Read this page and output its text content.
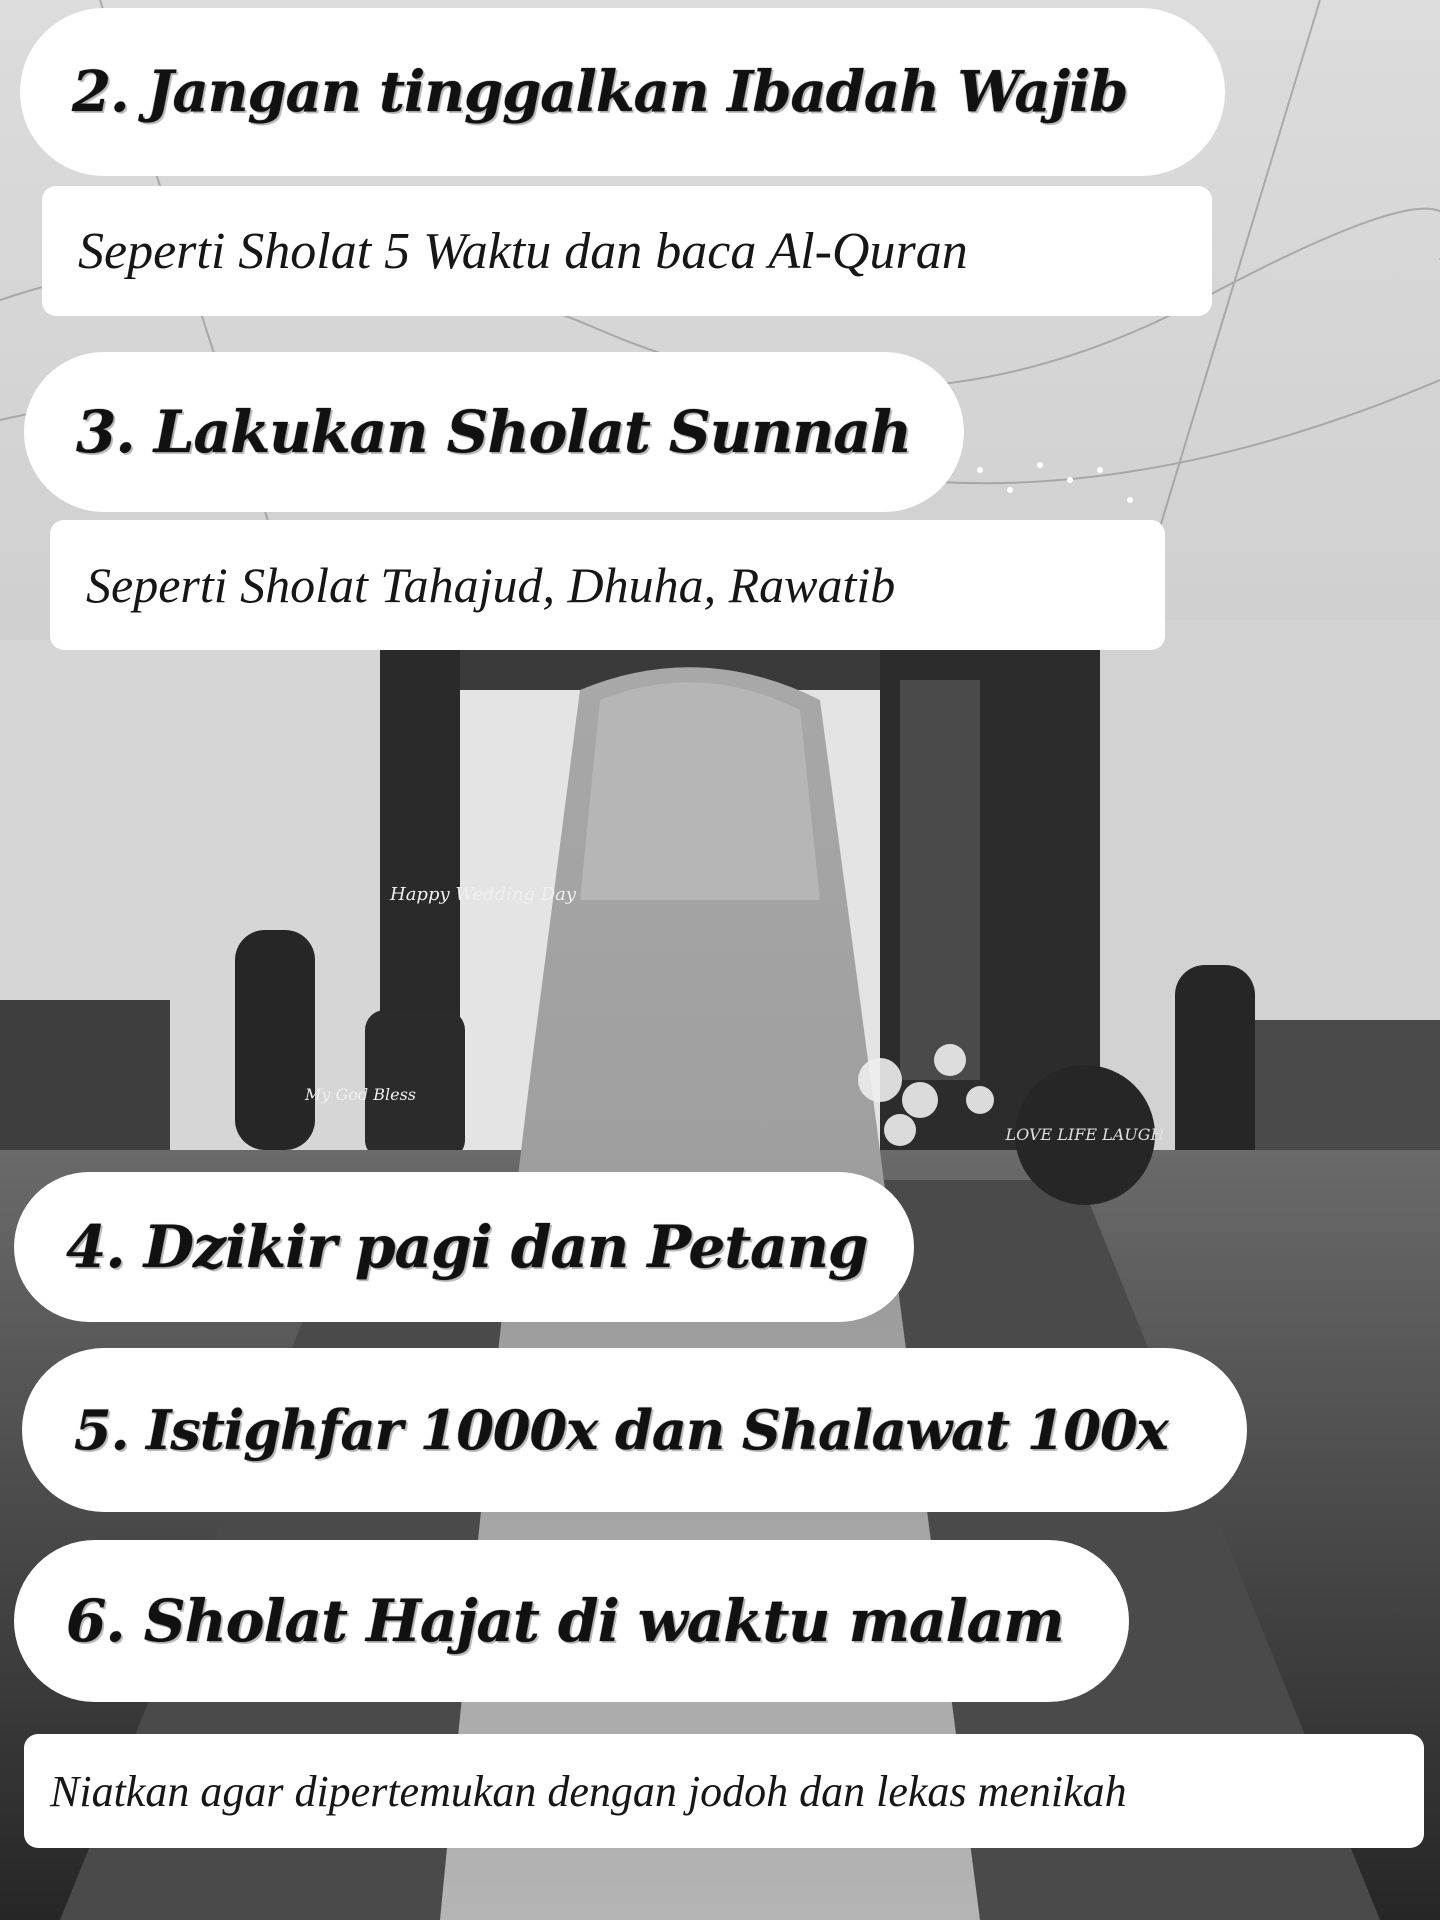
LOVE LIFE LAUGH
Happy Wedding Day
My God Bless
2. Jangan tinggalkan Ibadah Wajib
Seperti Sholat 5 Waktu dan baca Al-Quran
3. Lakukan Sholat Sunnah
Seperti Sholat Tahajud, Dhuha, Rawatib
4. Dzikir pagi dan Petang
5. Istighfar 1000x dan Shalawat 100x
6. Sholat Hajat di waktu malam
Niatkan agar dipertemukan dengan jodoh dan lekas menikah
